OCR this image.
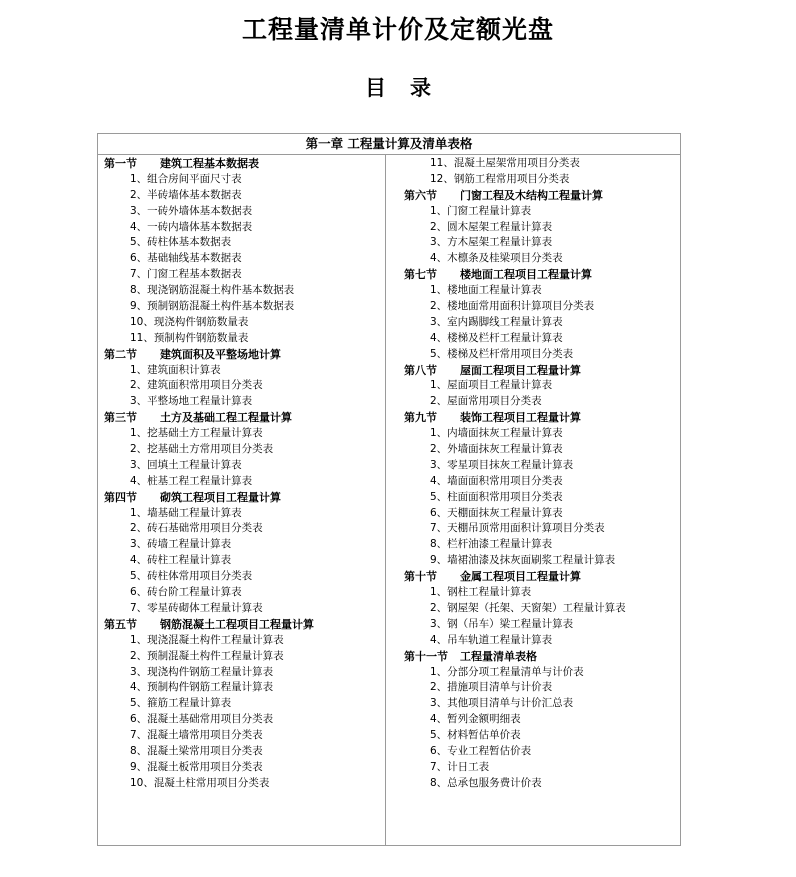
工程量清单计价及定额光盘
目录
第一章 工程量计算及清单表格
第一节 建筑工程基本数据表
1、组合房间平面尺寸表
2、半砖墙体基本数据表
3、一砖外墙体基本数据表
4、一砖内墙体基本数据表
5、砖柱体基本数据表
6、基础轴线基本数据表
7、门窗工程基本数据表
8、现浇钢筋混凝土构件基本数据表
9、预制钢筋混凝土构件基本数据表
10、现浇构件钢筋数量表
11、预制构件钢筋数量表
第二节 建筑面积及平整场地计算
1、建筑面积计算表
2、建筑面积常用项目分类表
3、平整场地工程量计算表
第三节 土方及基础工程工程量计算
1、挖基础土方工程量计算表
2、挖基础土方常用项目分类表
3、回填土工程量计算表
4、桩基工程工程量计算表
第四节 砌筑工程项目工程量计算
1、墙基础工程量计算表
2、砖石基础常用项目分类表
3、砖墙工程量计算表
4、砖柱工程量计算表
5、砖柱体常用项目分类表
6、砖台阶工程量计算表
7、零星砖砌体工程量计算表
第五节 钢筋混凝土工程项目工程量计算
1、现浇混凝土构件工程量计算表
2、预制混凝土构件工程量计算表
3、现浇构件钢筋工程量计算表
4、预制构件钢筋工程量计算表
5、箍筋工程量计算表
6、混凝土基础常用项目分类表
7、混凝土墙常用项目分类表
8、混凝土梁常用项目分类表
9、混凝土板常用项目分类表
10、混凝土柱常用项目分类表
11、混凝土屋架常用项目分类表
12、钢筋工程常用项目分类表
第六节 门窗工程及木结构工程量计算
1、门窗工程量计算表
2、圆木屋架工程量计算表
3、方木屋架工程量计算表
4、木檩条及桂梁项目分类表
第七节 楼地面工程项目工程量计算
1、楼地面工程量计算表
2、楼地面常用面积计算项目分类表
3、室内踢脚线工程量计算表
4、楼梯及栏杆工程量计算表
5、楼梯及栏杆常用项目分类表
第八节 屋面工程项目工程量计算
1、屋面项目工程量计算表
2、屋面常用项目分类表
第九节 装饰工程项目工程量计算
1、内墙面抹灰工程量计算表
2、外墙面抹灰工程量计算表
3、零星项目抹灰工程量计算表
4、墙面面积常用项目分类表
5、柱面面积常用项目分类表
6、天棚面抹灰工程量计算表
7、天棚吊顶常用面积计算项目分类表
8、栏杆油漆工程量计算表
9、墙裙油漆及抹灰面刷浆工程量计算表
第十节 金属工程项目工程量计算
1、钢柱工程量计算表
2、钢屋架（托架、天窗架）工程量计算表
3、钢（吊车）梁工程量计算表
4、吊车轨道工程量计算表
第十一节 工程量清单表格
1、分部分项工程量清单与计价表
2、措施项目清单与计价表
3、其他项目清单与计价汇总表
4、暂列金额明细表
5、材料暂估单价表
6、专业工程暂估价表
7、计日工表
8、总承包服务费计价表
